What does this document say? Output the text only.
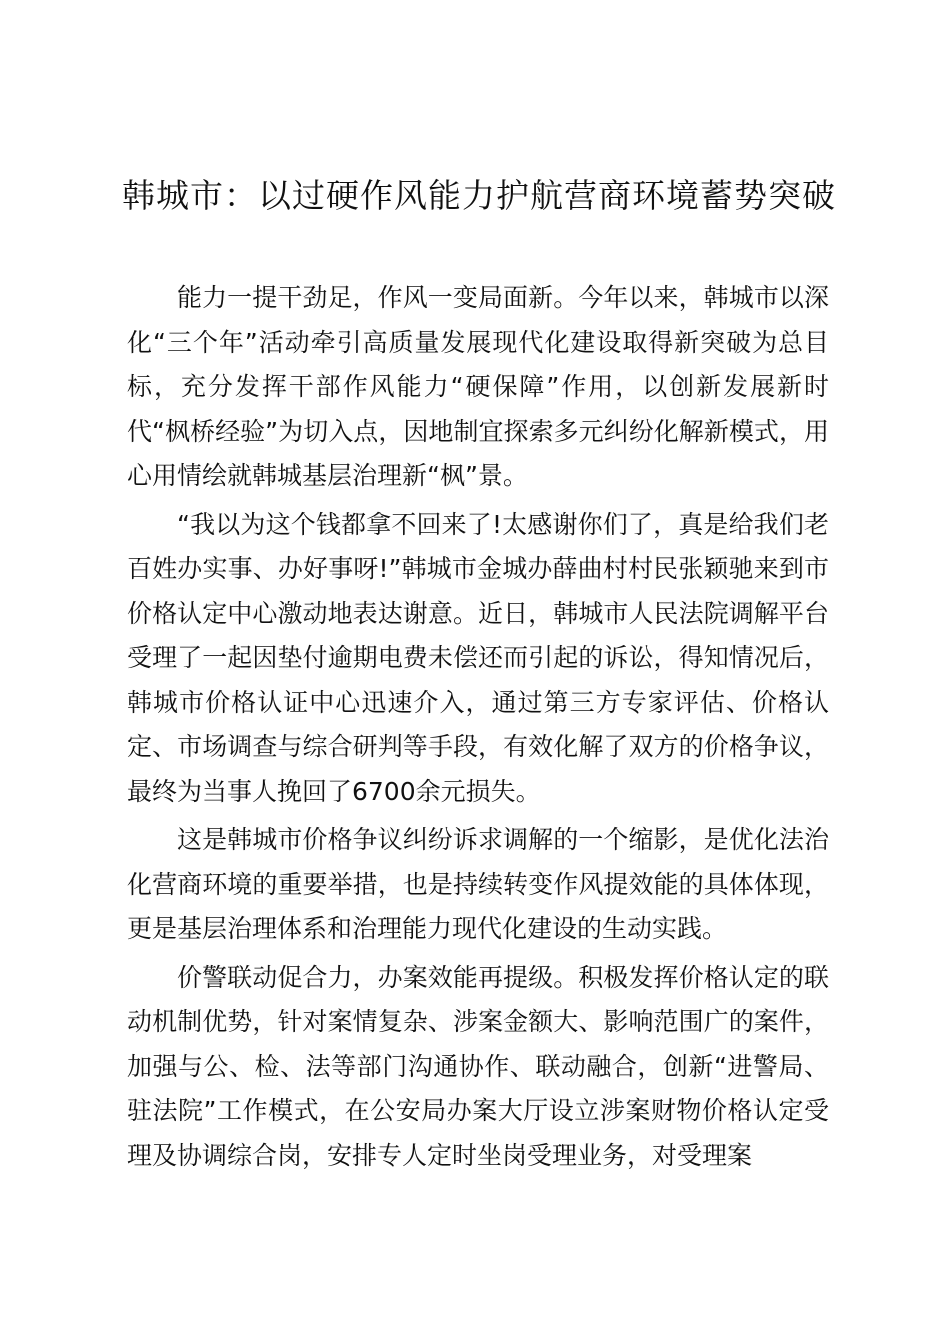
韩城市：以过硬作风能力护航营商环境蓄势突破

能力一提干劲足，作风一变局面新。今年以来，韩城市以深化“三个年”活动牵引高质量发展现代化建设取得新突破为总目标，充分发挥干部作风能力“硬保障”作用，以创新发展新时代“枫桥经验”为切入点，因地制宜探索多元纠纷化解新模式，用心用情绘就韩城基层治理新“枫”景。

“我以为这个钱都拿不回来了!太感谢你们了，真是给我们老百姓办实事、办好事呀!”韩城市金城办薛曲村村民张颖驰来到市价格认定中心激动地表达谢意。近日，韩城市人民法院调解平台受理了一起因垫付逾期电费未偿还而引起的诉讼，得知情况后，韩城市价格认证中心迅速介入，通过第三方专家评估、价格认定、市场调查与综合研判等手段，有效化解了双方的价格争议，最终为当事人挽回了6700余元损失。

这是韩城市价格争议纠纷诉求调解的一个缩影，是优化法治化营商环境的重要举措，也是持续转变作风提效能的具体体现，更是基层治理体系和治理能力现代化建设的生动实践。

价警联动促合力，办案效能再提级。积极发挥价格认定的联动机制优势，针对案情复杂、涉案金额大、影响范围广的案件，加强与公、检、法等部门沟通协作、联动融合，创新“进警局、驻法院”工作模式，在公安局办案大厅设立涉案财物价格认定受理及协调综合岗，安排专人定时坐岗受理业务，对受理案
